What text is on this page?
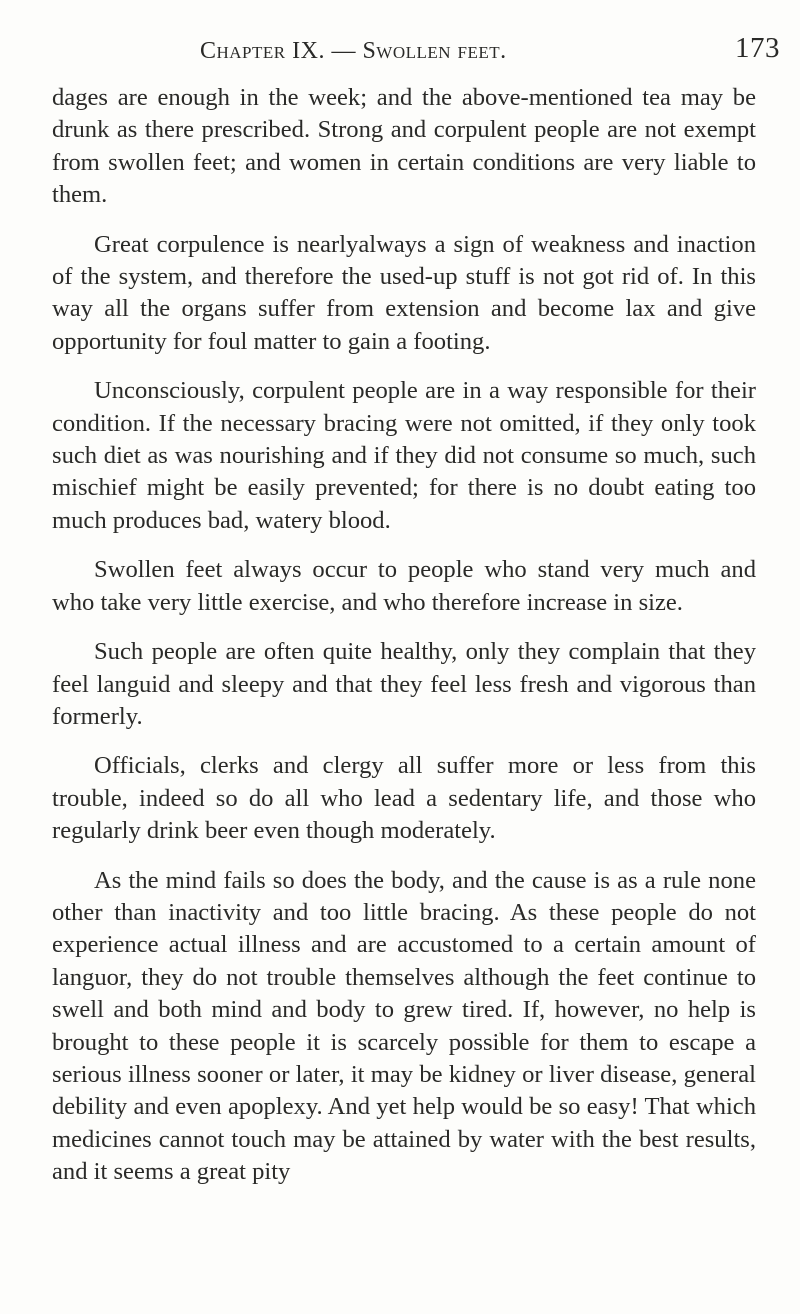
Chapter IX. — Swollen feet.	173

dages are enough in the week; and the above-mentioned tea may be drunk as there prescribed. Strong and corpulent people are not exempt from swollen feet; and women in certain conditions are very liable to them.

Great corpulence is nearlyalways a sign of weakness and inaction of the system, and therefore the used-up stuff is not got rid of. In this way all the organs suffer from extension and become lax and give opportunity for foul matter to gain a footing.

Unconsciously, corpulent people are in a way responsible for their condition. If the necessary bracing were not omitted, if they only took such diet as was nourishing and if they did not consume so much, such mischief might be easily prevented; for there is no doubt eating too much produces bad, watery blood.

Swollen feet always occur to people who stand very much and who take very little exercise, and who therefore increase in size.

Such people are often quite healthy, only they complain that they feel languid and sleepy and that they feel less fresh and vigorous than formerly.

Officials, clerks and clergy all suffer more or less from this trouble, indeed so do all who lead a sedentary life, and those who regularly drink beer even though moderately.

As the mind fails so does the body, and the cause is as a rule none other than inactivity and too little bracing. As these people do not experience actual illness and are accustomed to a certain amount of languor, they do not trouble themselves although the feet continue to swell and both mind and body to grew tired. If, however, no help is brought to these people it is scarcely possible for them to escape a serious illness sooner or later, it may be kidney or liver disease, general debility and even apoplexy. And yet help would be so easy! That which medicines cannot touch may be attained by water with the best results, and it seems a great pity
